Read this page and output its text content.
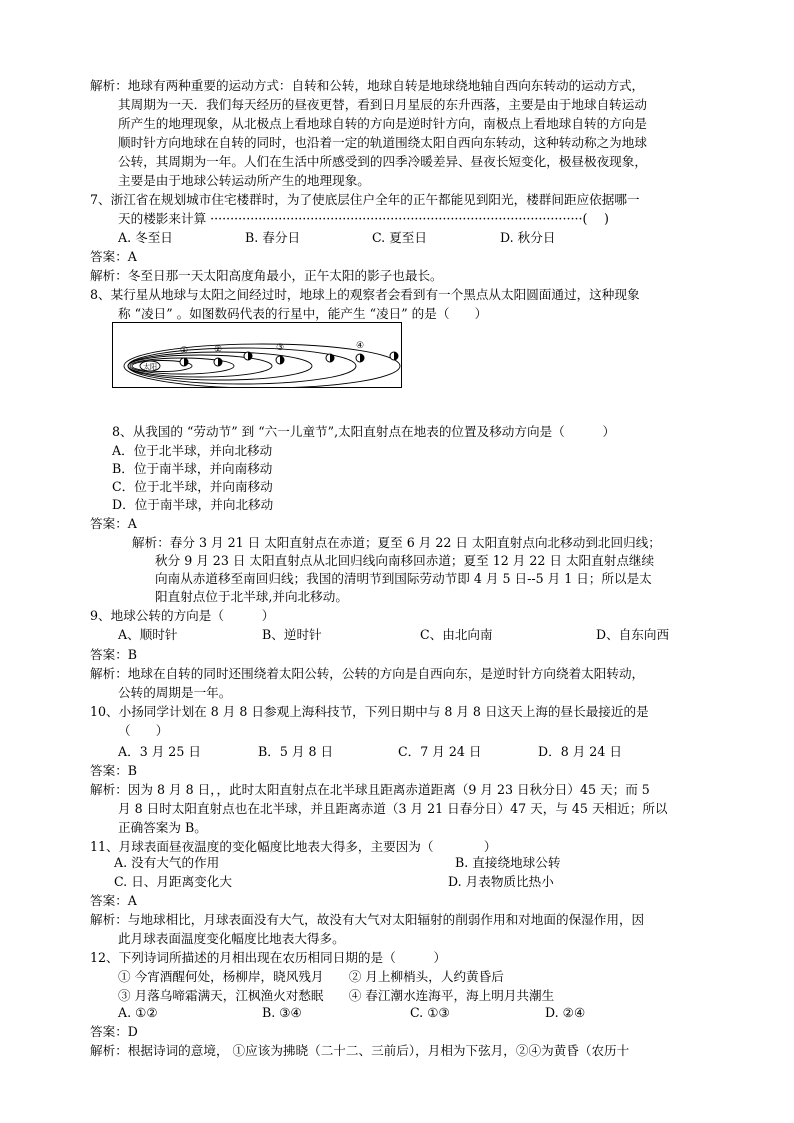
解析：地球有两种重要的运动方式：自转和公转，地球自转是地球绕地轴自西向东转动的运动方式，
其周期为一天．我们每天经历的昼夜更替，看到日月星辰的东升西落，主要是由于地球自转运动
所产生的地理现象，从北极点上看地球自转的方向是逆时针方向，南极点上看地球自转的方向是
顺时针方向地球在自转的同时，也沿着一定的轨道围绕太阳自西向东转动，这种转动称之为地球
公转，其周期为一年。人们在生活中所感受到的四季冷暖差异、昼夜长短变化，极昼极夜现象，
主要是由于地球公转运动所产生的地理现象。
7、浙江省在规划城市住宅楼群时，为了使底层住户全年的正午都能见到阳光，楼群间距应依据哪一
天的楼影来计算 ·····························································································(　 )
答案：A
解析：冬至日那一天太阳高度角最小，正午太阳的影子也最长。
8、某行星从地球与太阳之间经过时，地球上的观察者会看到有一个黑点从太阳圆面通过，这种现象
称 “凌日” 。如图数码代表的行星中，能产生 “凌日” 的是（　　）
8、从我国的 “劳动节” 到 “六一儿童节”,太阳直射点在地表的位置及移动方向是（　　　）
A．位于北半球，并向北移动
B．位于南半球，并向南移动
C．位于北半球，并向南移动
D．位于南半球，并向北移动
答案：A
解析：春分 3 月 21 日 太阳直射点在赤道；夏至 6 月 22 日 太阳直射点向北移动到北回归线；
秋分 9 月 23 日 太阳直射点从北回归线向南移回赤道；夏至 12 月 22 日 太阳直射点继续
向南从赤道移至南回归线；我国的清明节到国际劳动节即 4 月 5 日--5 月 1 日；所以是太
阳直射点位于北半球,并向北移动。
9、地球公转的方向是（　　　）
答案：B
解析：地球在自转的同时还围绕着太阳公转，公转的方向是自西向东，是逆时针方向绕着太阳转动，
公转的周期是一年。
10、小扬同学计划在 8 月 8 日参观上海科技节，下列日期中与 8 月 8 日这天上海的昼长最接近的是
（　　）
答案：B
解析：因为 8 月 8 日，，此时太阳直射点在北半球且距离赤道距离（9 月 23 日秋分日）45 天；而 5
月 8 日时太阳直射点也在北半球，并且距离赤道（3 月 21 日春分日）47 天，与 45 天相近；所以
正确答案为 B。
11、月球表面昼夜温度的变化幅度比地表大得多，主要因为（　　　　）
答案：A
解析：与地球相比，月球表面没有大气，故没有大气对太阳辐射的削弱作用和对地面的保湿作用，因
此月球表面温度变化幅度比地表大得多。
12、下列诗词所描述的月相出现在农历相同日期的是（　　　）
① 今宵酒醒何处，杨柳岸，晓风残月　　② 月上柳梢头，人约黄昏后
③ 月落乌啼霜满天，江枫渔火对愁眠　　④ 春江潮水连海平，海上明月共潮生
答案：D
解析：根据诗词的意境， ①应该为拂晓（二十二、三前后），月相为下弦月，②④为黄昏（农历十
A. 冬至日	B. 春分日	C. 夏至日	D. 秋分日
A、顺时针	B、逆时针	C、由北向南	D、自东向西
A．3 月 25 日	B．5 月 8 日	C．7 月 24 日	D．8 月 24 日
A. 没有大气的作用	B. 直接绕地球公转
C. 日、月距离变化大	D. 月表物质比热小
A. ①②	B. ③④	C. ①③	D. ②④
太阳
①	②	③	④
